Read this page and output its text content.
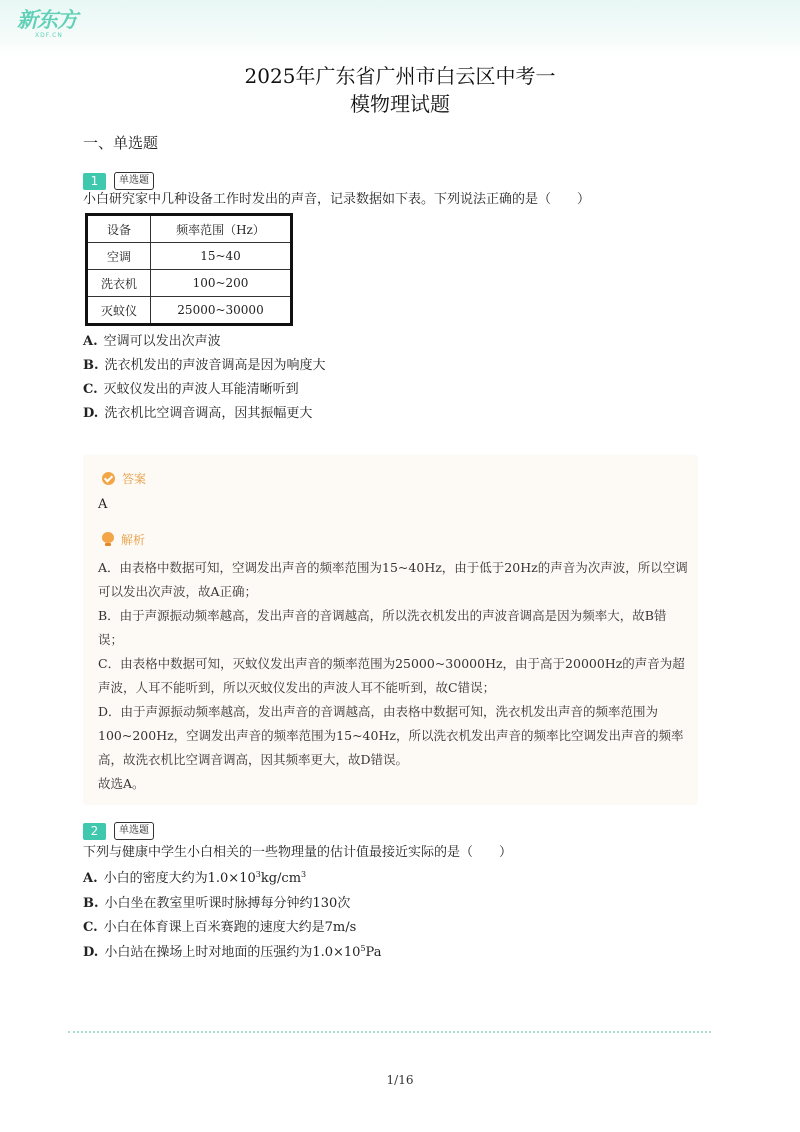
新东方
XDF.CN
2025年广东省广州市白云区中考一
模物理试题
一、单选题
1	单选题
小白研究家中几种设备工作时发出的声音，记录数据如下表。下列说法正确的是（　　）
设备	频率范围（Hz）
空调	15~40
洗衣机	100~200
灭蚊仪	25000~30000
A. 空调可以发出次声波
B. 洗衣机发出的声波音调高是因为响度大
C. 灭蚊仪发出的声波人耳能清晰听到
D. 洗衣机比空调音调高，因其振幅更大
答案
A
解析

A．由表格中数据可知，空调发出声音的频率范围为15~40Hz，由于低于20Hz的声音为次声波，所以空调可以发出次声波，故A正确；

B．由于声源振动频率越高，发出声音的音调越高，所以洗衣机发出的声波音调高是因为频率大，故B错误；

C．由表格中数据可知，灭蚊仪发出声音的频率范围为25000~30000Hz，由于高于20000Hz的声音为超声波，人耳不能听到，所以灭蚊仪发出的声波人耳不能听到，故C错误；

D．由于声源振动频率越高，发出声音的音调越高，由表格中数据可知，洗衣机发出声音的频率范围为100~200Hz，空调发出声音的频率范围为15~40Hz，所以洗衣机发出声音的频率比空调发出声音的频率高，故洗衣机比空调音调高，因其频率更大，故D错误。

故选A。

2	单选题
下列与健康中学生小白相关的一些物理量的估计值最接近实际的是（　　）
A. 小白的密度大约为$1.0\times 10^3kg/cm^3$
B. 小白坐在教室里听课时脉搏每分钟约130次
C. 小白在体育课上百米赛跑的速度大约是7m/s
D. 小白站在操场上时对地面的压强约为$1.0\times 10^5Pa$
1/16
